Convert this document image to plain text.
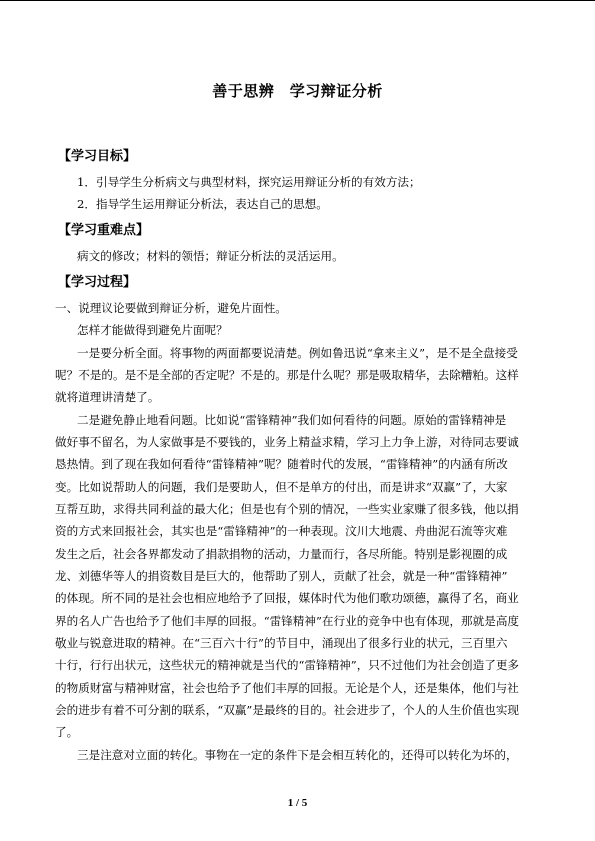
善于思辨　学习辩证分析
【学习目标】
1．引导学生分析病文与典型材料，探究运用辩证分析的有效方法；
2．指导学生运用辩证分析法，表达自己的思想。
【学习重难点】
病文的修改；材料的领悟；辩证分析法的灵活运用。
【学习过程】
一、说理议论要做到辩证分析，避免片面性。
怎样才能做得到避免片面呢？
一是要分析全面。将事物的两面都要说清楚。例如鲁迅说“拿来主义”，是不是全盘接受
呢？不是的。是不是全部的否定呢？不是的。那是什么呢？那是吸取精华，去除糟粕。这样
就将道理讲清楚了。
二是避免静止地看问题。比如说“雷锋精神”我们如何看待的问题。原始的雷锋精神是
做好事不留名，为人家做事是不要钱的，业务上精益求精，学习上力争上游，对待同志要诚
恳热情。到了现在我如何看待“雷锋精神”呢？随着时代的发展，“雷锋精神”的内涵有所改
变。比如说帮助人的问题，我们是要助人，但不是单方的付出，而是讲求“双赢”了，大家
互帮互助，求得共同利益的最大化；但是也有个别的情况，一些实业家赚了很多钱，他以捐
资的方式来回报社会，其实也是“雷锋精神”的一种表现。汶川大地震、舟曲泥石流等灾难
发生之后，社会各界都发动了捐款捐物的活动，力量而行，各尽所能。特别是影视圈的成
龙、刘德华等人的捐资数目是巨大的，他帮助了别人，贡献了社会，就是一种“雷锋精神”
的体现。所不同的是社会也相应地给予了回报，媒体时代为他们歌功颂德，赢得了名，商业
界的名人广告也给予了他们丰厚的回报。“雷锋精神”在行业的竞争中也有体现，那就是高度
敬业与锐意进取的精神。在“三百六十行”的节目中，涌现出了很多行业的状元，三百里六
十行，行行出状元，这些状元的精神就是当代的“雷锋精神”，只不过他们为社会创造了更多
的物质财富与精神财富，社会也给予了他们丰厚的回报。无论是个人，还是集体，他们与社
会的进步有着不可分割的联系，“双赢”是最终的目的。社会进步了，个人的人生价值也实现
了。
三是注意对立面的转化。事物在一定的条件下是会相互转化的，还得可以转化为坏的，
1 / 5
